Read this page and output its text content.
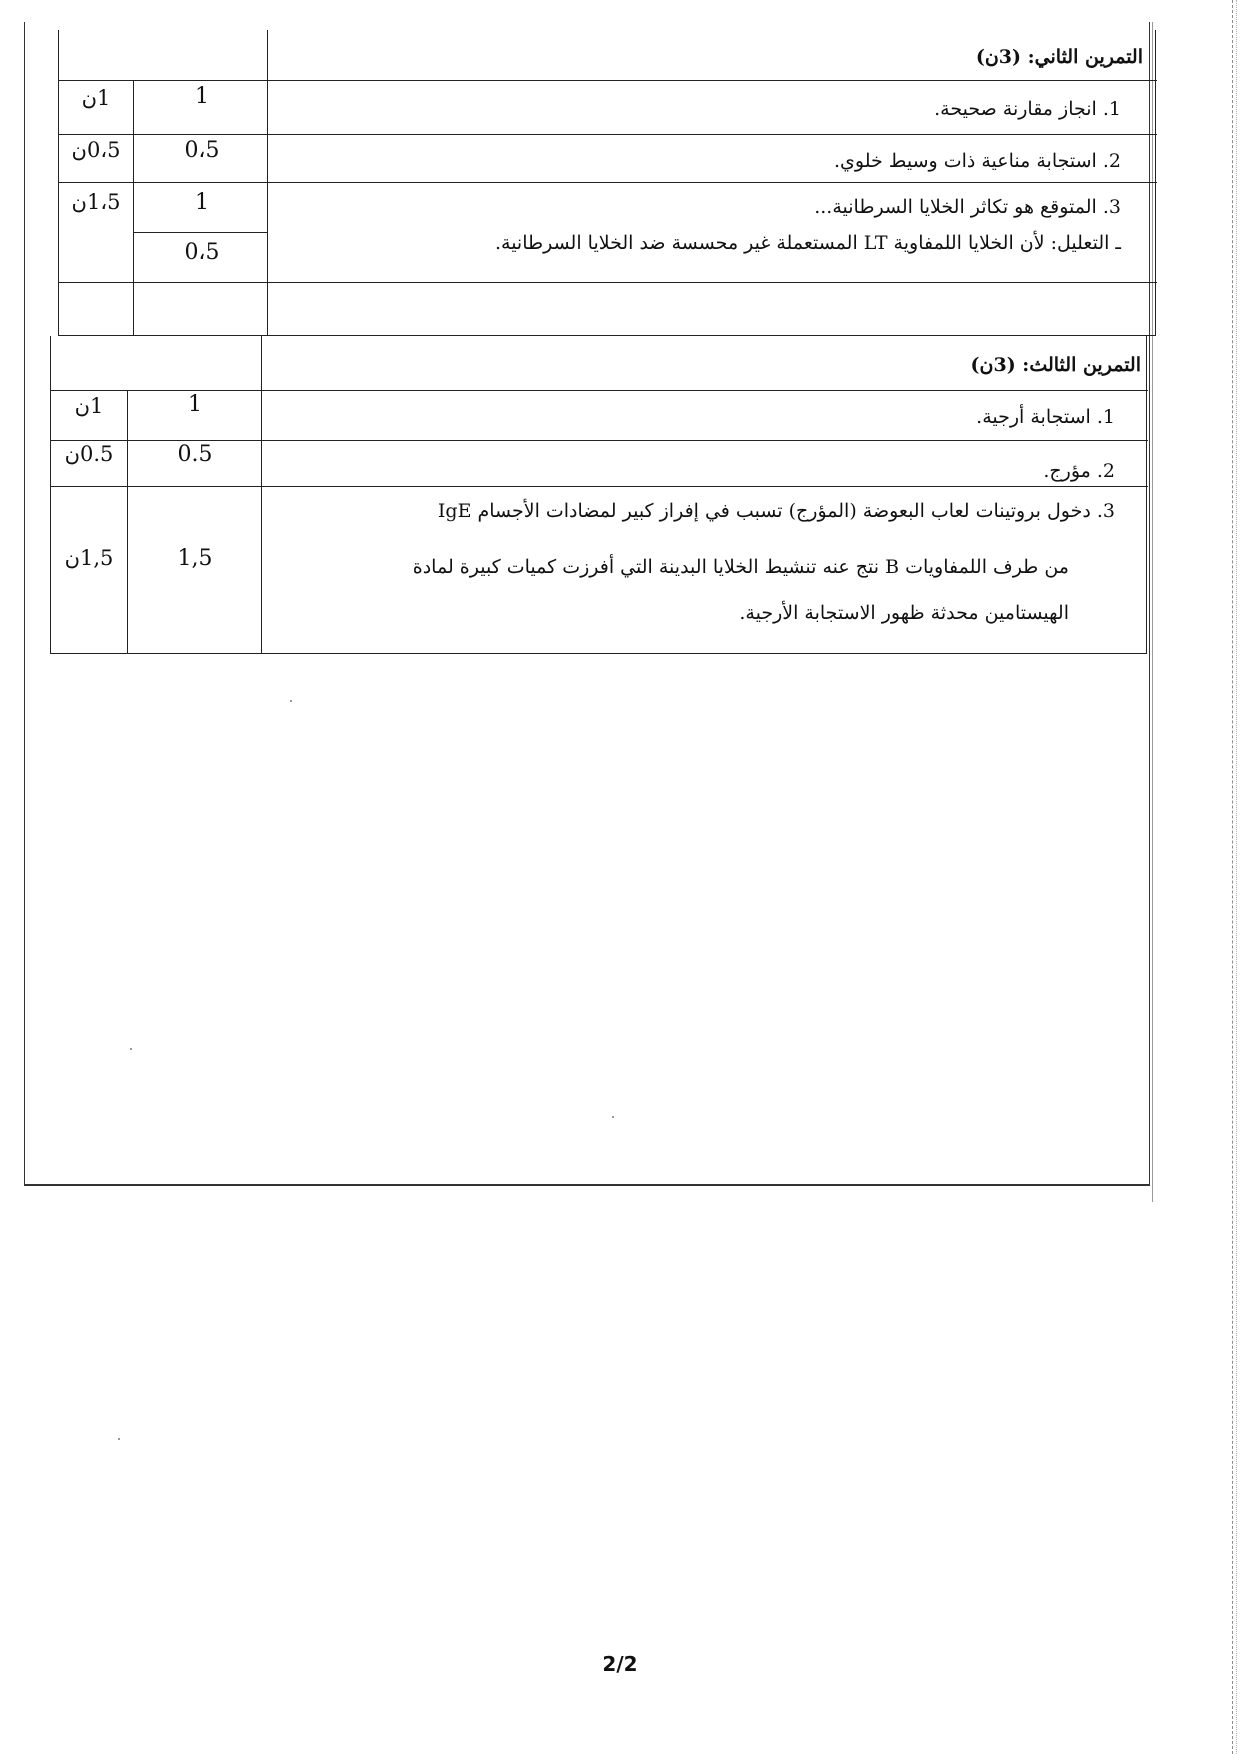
التمرين الثاني: (3ن)
1. انجاز مقارنة صحيحة.
2. استجابة مناعية ذات وسيط خلوي.
3. المتوقع هو تكاثر الخلايا السرطانية...
ـ التعليل: لأن الخلايا اللمفاوية LT المستعملة غير محسسة ضد الخلايا السرطانية.
1
0،5
1
0،5
1ن
0،5ن
1،5ن
التمرين الثالث: (3ن)
1. استجابة أرجية.
2. مؤرج.
3. دخول بروتينات لعاب البعوضة (المؤرج) تسبب في إفراز كبير لمضادات الأجسام IgE
من طرف اللمفاويات B نتج عنه تنشيط الخلايا البدينة التي أفرزت كميات كبيرة لمادة
الهيستامين محدثة ظهور الاستجابة الأرجية.
1
0.5
1,5
1ن
0.5ن
1,5ن
2/2
